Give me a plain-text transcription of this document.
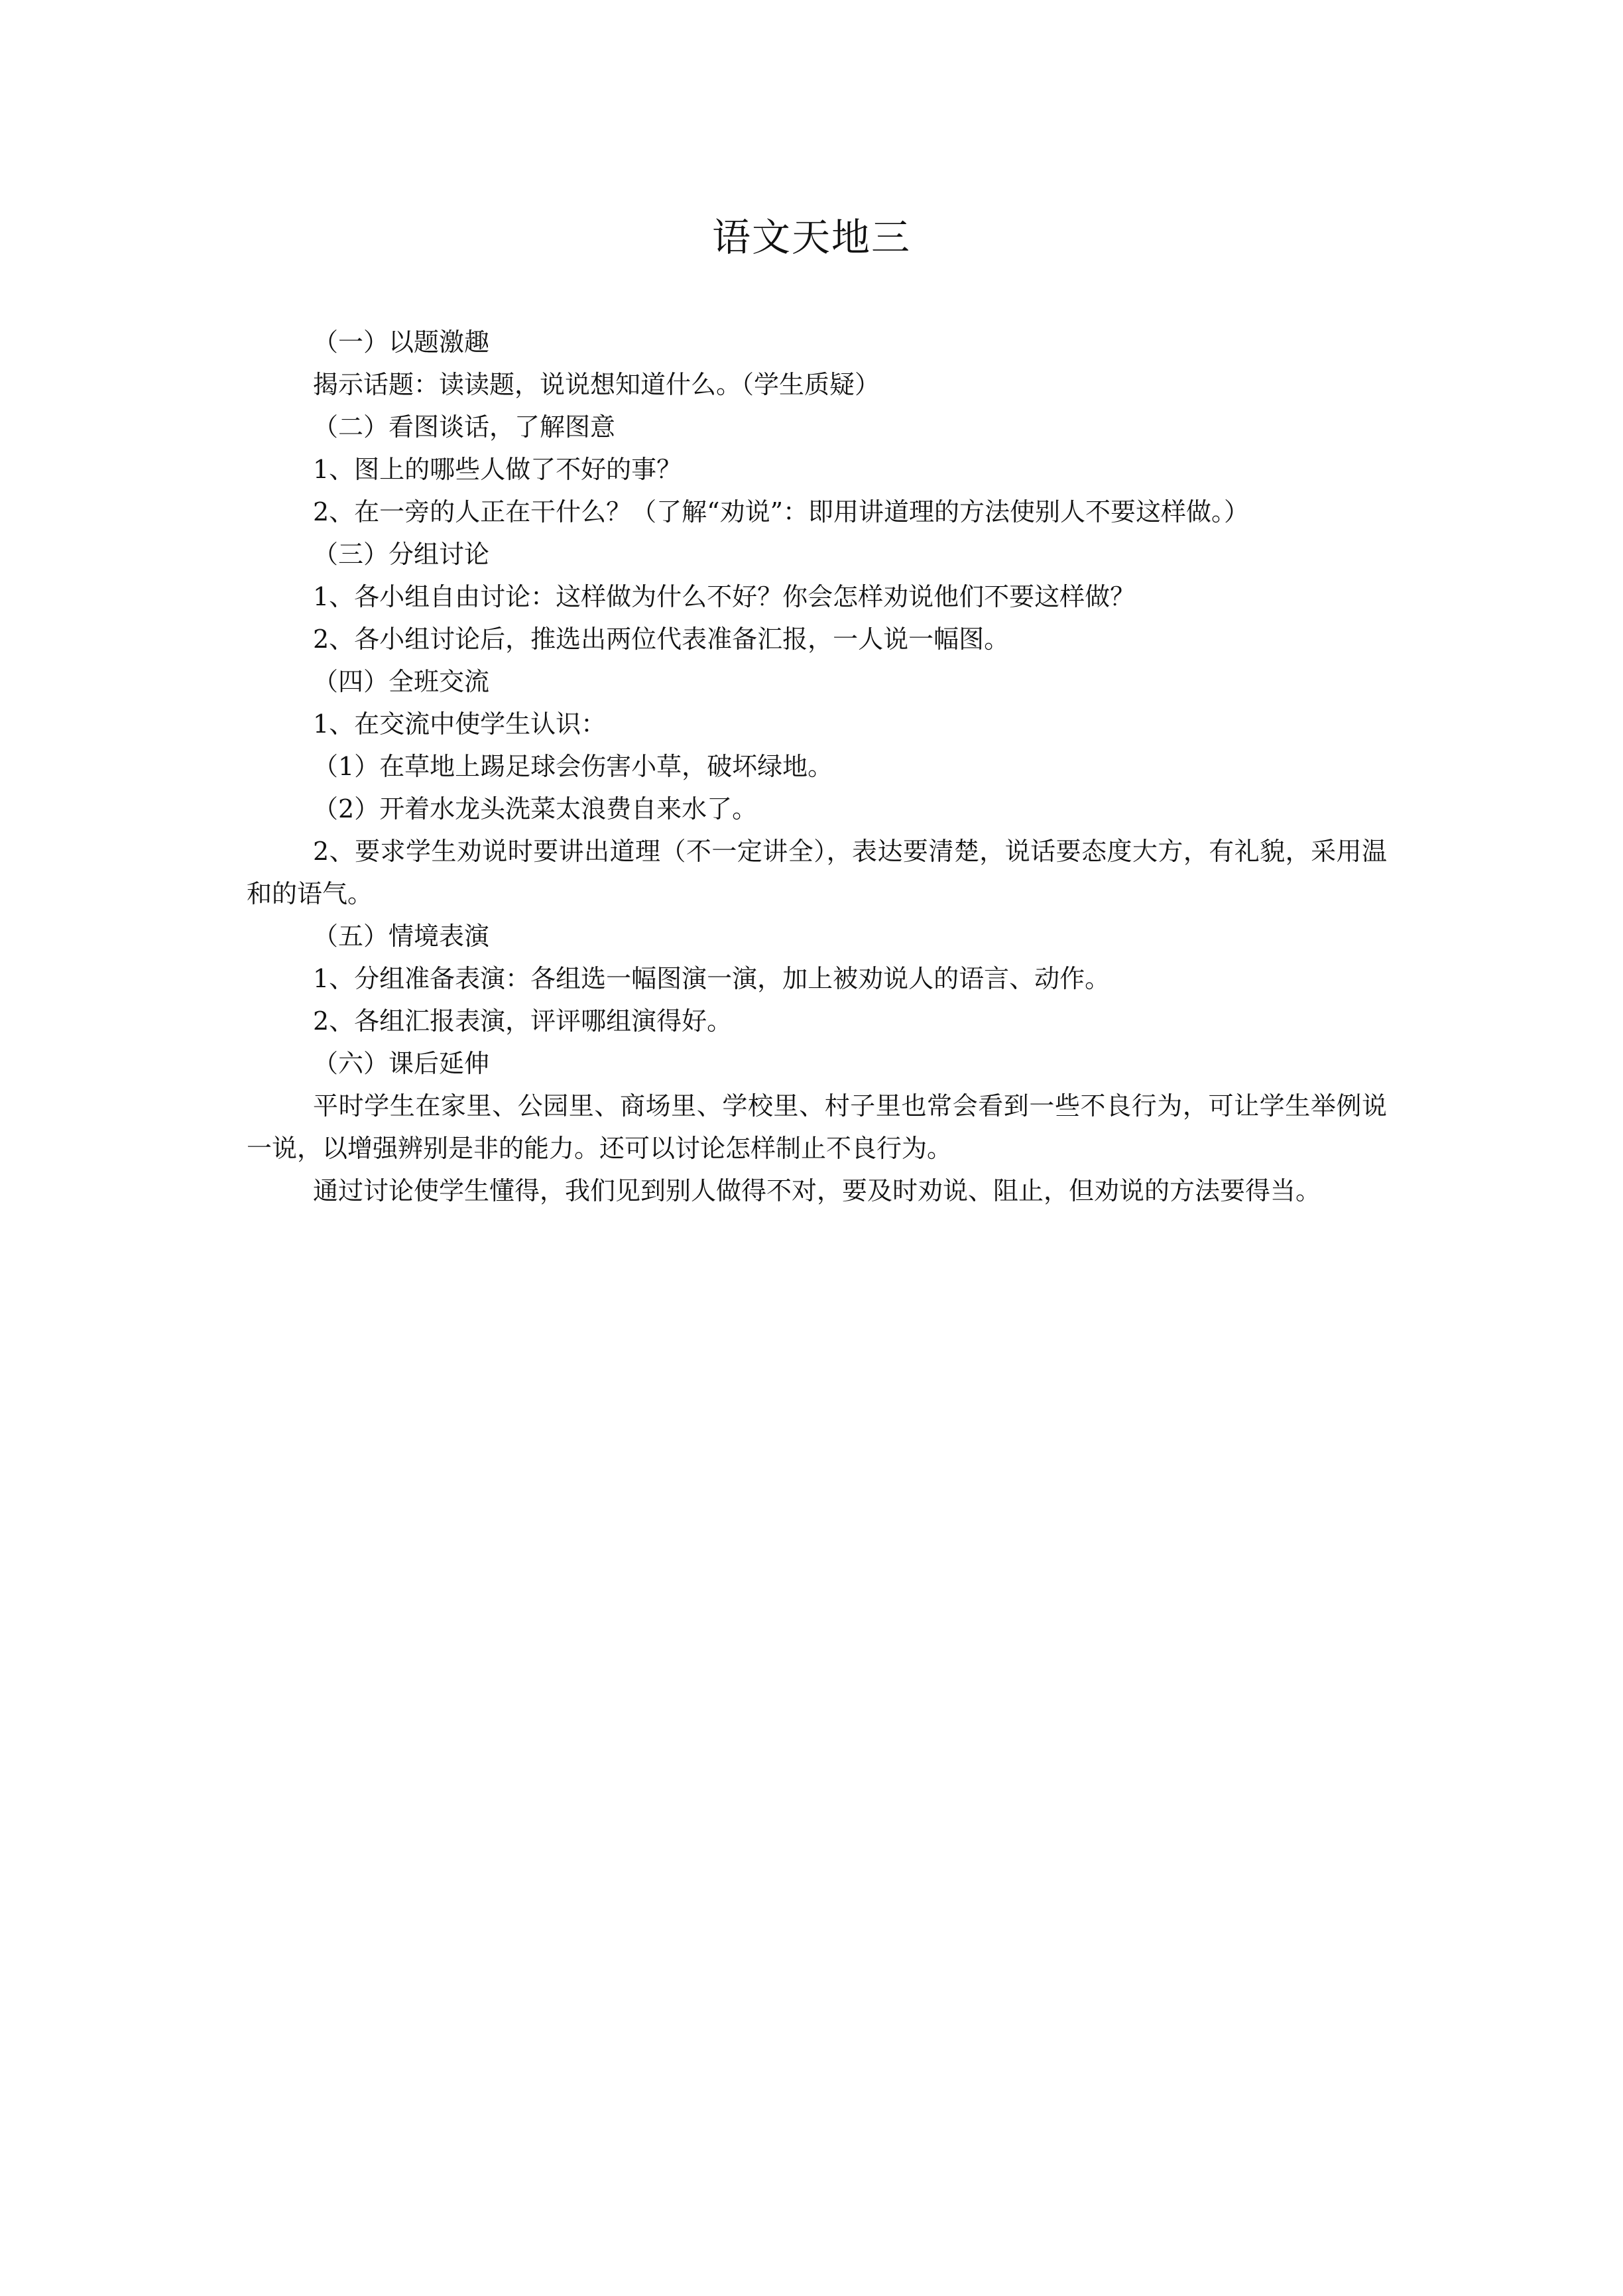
语文天地三

（一）以题激趣

揭示话题：读读题，说说想知道什么。（学生质疑）

（二）看图谈话，了解图意

1、图上的哪些人做了不好的事？

2、在一旁的人正在干什么？（了解“劝说”：即用讲道理的方法使别人不要这样做。）

（三）分组讨论

1、各小组自由讨论：这样做为什么不好？你会怎样劝说他们不要这样做？

2、各小组讨论后，推选出两位代表准备汇报，一人说一幅图。

（四）全班交流

1、在交流中使学生认识：

（1）在草地上踢足球会伤害小草，破坏绿地。

（2）开着水龙头洗菜太浪费自来水了。

2、要求学生劝说时要讲出道理（不一定讲全），表达要清楚，说话要态度大方，有礼貌，采用温和的语气。

（五）情境表演

1、分组准备表演：各组选一幅图演一演，加上被劝说人的语言、动作。

2、各组汇报表演，评评哪组演得好。

（六）课后延伸

平时学生在家里、公园里、商场里、学校里、村子里也常会看到一些不良行为，可让学生举例说一说，以增强辨别是非的能力。还可以讨论怎样制止不良行为。

通过讨论使学生懂得，我们见到别人做得不对，要及时劝说、阻止，但劝说的方法要得当。
